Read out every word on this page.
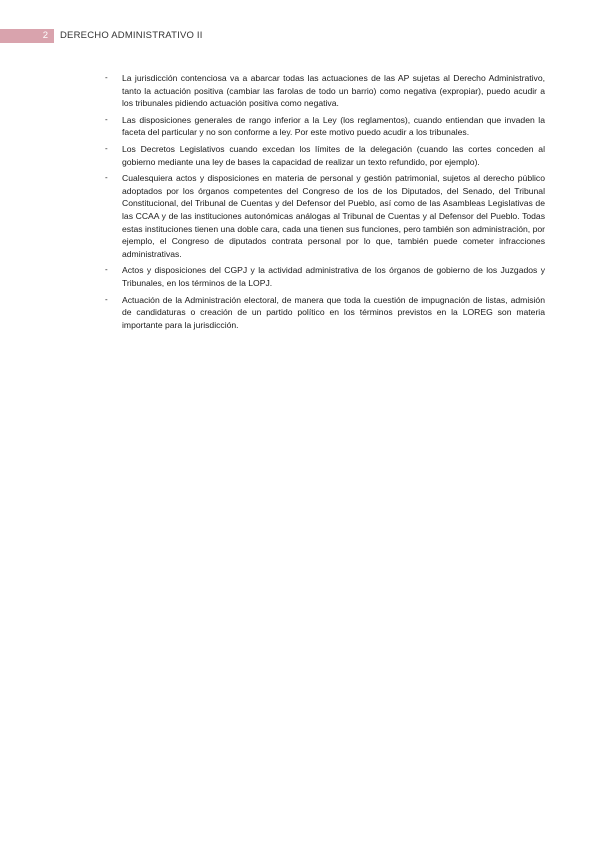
2	DERECHO ADMINISTRATIVO II
- La jurisdicción contenciosa va a abarcar todas las actuaciones de las AP sujetas al Derecho Administrativo, tanto la actuación positiva (cambiar las farolas de todo un barrio) como negativa (expropiar), puedo acudir a los tribunales pidiendo actuación positiva como negativa.
- Las disposiciones generales de rango inferior a la Ley (los reglamentos), cuando entiendan que invaden la faceta del particular y no son conforme a ley. Por este motivo puedo acudir a los tribunales.
- Los Decretos Legislativos cuando excedan los límites de la delegación (cuando las cortes conceden al gobierno mediante una ley de bases la capacidad de realizar un texto refundido, por ejemplo).
- Cualesquiera actos y disposiciones en materia de personal y gestión patrimonial, sujetos al derecho público adoptados por los órganos competentes del Congreso de los de los Diputados, del Senado, del Tribunal Constitucional, del Tribunal de Cuentas y del Defensor del Pueblo, así como de las Asambleas Legislativas de las CCAA y de las instituciones autonómicas análogas al Tribunal de Cuentas y al Defensor del Pueblo. Todas estas instituciones tienen una doble cara, cada una tienen sus funciones, pero también son administración, por ejemplo, el Congreso de diputados contrata personal por lo que, también puede cometer infracciones administrativas.
- Actos y disposiciones del CGPJ y la actividad administrativa de los órganos de gobierno de los Juzgados y Tribunales, en los términos de la LOPJ.
- Actuación de la Administración electoral, de manera que toda la cuestión de impugnación de listas, admisión de candidaturas o creación de un partido político en los términos previstos en la LOREG son materia importante para la jurisdicción.
